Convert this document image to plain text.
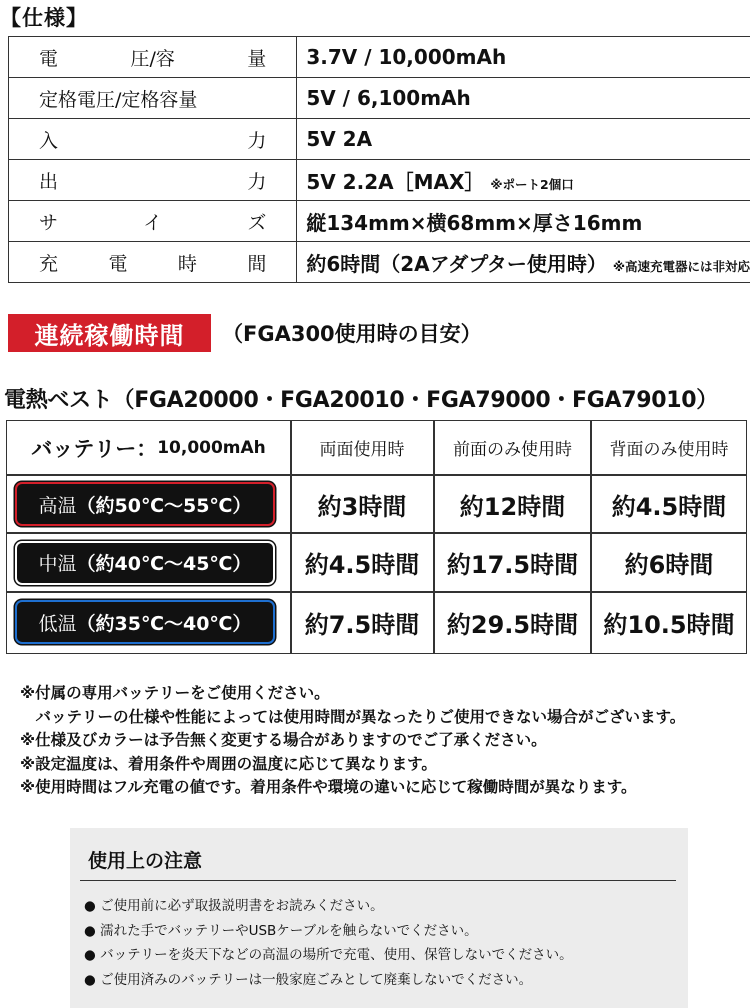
【仕様】
電 圧/容 量	3.7V / 10,000mAh

定格電圧/定格容量	5V / 6,100mAh

入 力	5V 2A

出 力	5V 2.2A［MAX］ ※ポート2個口

サ イ ズ	縦134mm×横68mm×厚さ16mm

充 電 時 間	約6時間（2Aアダプター使用時） ※高速充電器には非対応
連続稼働時間	（FGA300使用時の目安）
電熱ベスト（FGA20000・FGA20010・FGA79000・FGA79010）
バッテリー： 10,000mAh	両面使用時	前面のみ使用時	背面のみ使用時
高温 （約50℃～55℃）	約3時間	約12時間	約4.5時間
中温 （約40℃～45℃）	約4.5時間	約17.5時間	約6時間
低温 （約35℃～40℃）	約7.5時間	約29.5時間	約10.5時間
※付属の専用バッテリーをご使用ください。
　バッテリーの仕様や性能によっては使用時間が異なったりご使用できない場合がございます。
※仕様及びカラーは予告無く変更する場合がありますのでご了承ください。
※設定温度は、着用条件や周囲の温度に応じて異なります。
※使用時間はフル充電の値です。着用条件や環境の違いに応じて稼働時間が異なります。
使用上の注意
● ご使用前に必ず取扱説明書をお読みください。
● 濡れた手でバッテリーやUSBケーブルを触らないでください。
● バッテリーを炎天下などの高温の場所で充電、使用、保管しないでください。
● ご使用済みのバッテリーは一般家庭ごみとして廃棄しないでください。
